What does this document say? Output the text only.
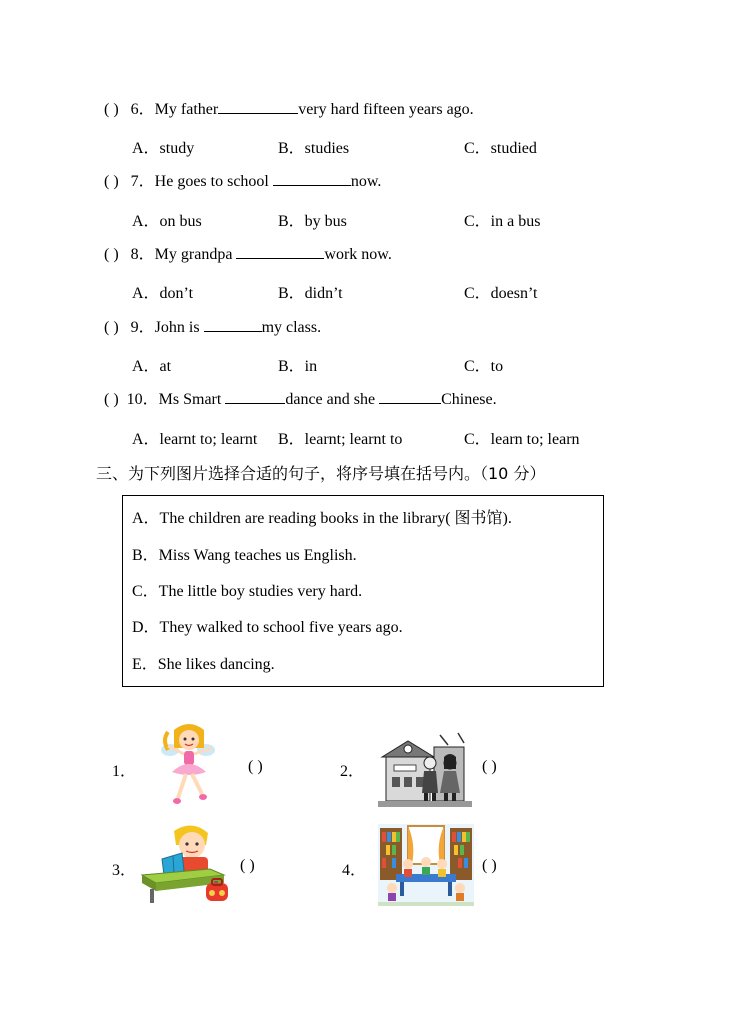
( ) 6．My father	very hard fifteen years ago.
A．study	B．studies	C．studied
( ) 7．He goes to school	now.
A．on bus	B．by bus	C．in a bus
( ) 8．My grandpa	work now.
A．don’t	B．didn’t	C．doesn’t
( ) 9．John is	my class.
A．at	B．in	C．to
( ) 10．Ms Smart	dance and she	Chinese.
A．learnt to; learnt B．learnt; learnt to	C．learn to; learn
三、为下列图片选择合适的句子，将序号填在括号内。（10 分）
A．The children are reading books in the library( 图书馆).
B．Miss Wang teaches us English.
C．The little boy studies very hard.
D．They walked to school five years ago.
E．She likes dancing.
1．	( )	2．	( )
3．	( )	4．	( )
